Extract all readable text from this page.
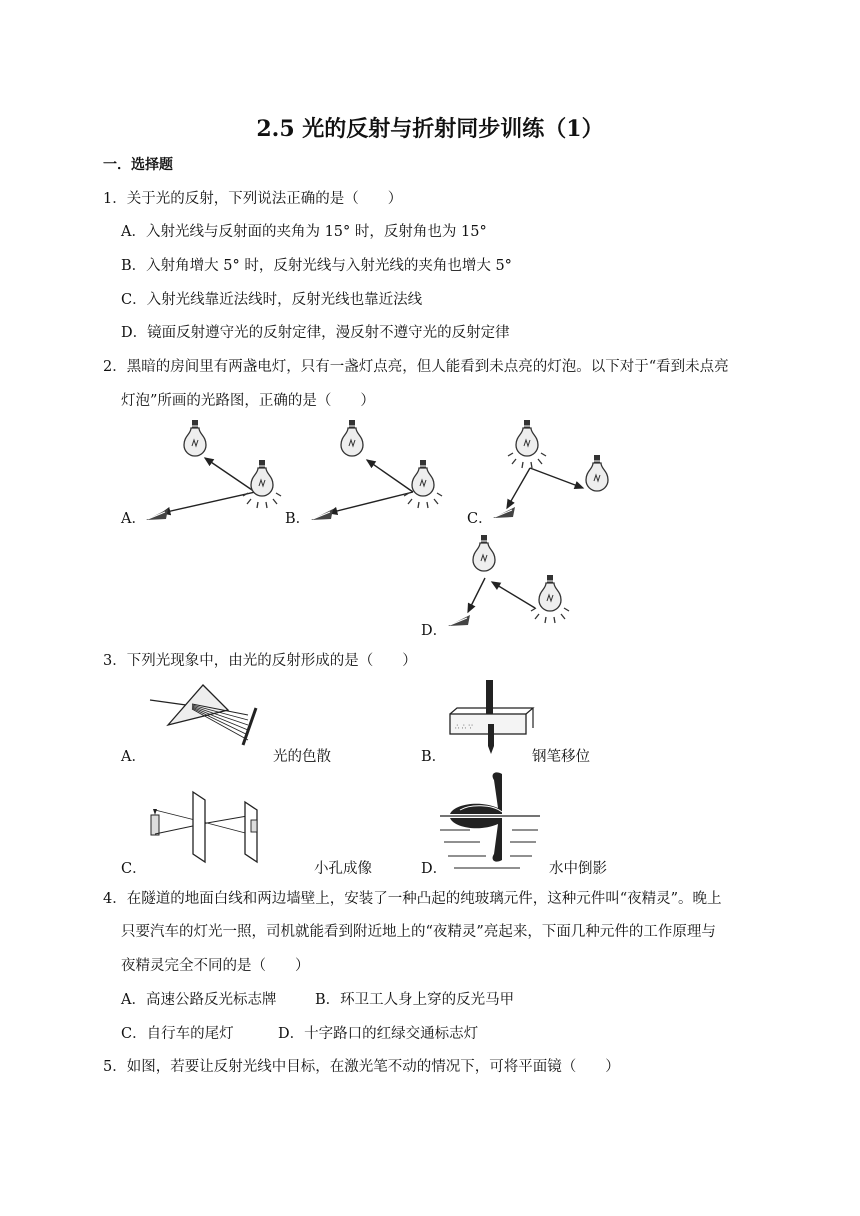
2.5 光的反射与折射同步训练（1）
一．选择题
1．关于光的反射，下列说法正确的是（　　）
A．入射光线与反射面的夹角为 15° 时，反射角也为 15°
B．入射角增大 5° 时，反射光线与入射光线的夹角也增大 5°
C．入射光线靠近法线时，反射光线也靠近法线
D．镜面反射遵守光的反射定律，漫反射不遵守光的反射定律
2．黑暗的房间里有两盏电灯，只有一盏灯点亮，但人能看到未点亮的灯泡。以下对于“看到未点亮
灯泡”所画的光路图，正确的是（　　）
A．	B．	C．
D．
3．下列光现象中，由光的反射形成的是（　　）
A．	光的色散
∴ ∴ ∵
B．	钢笔移位
C．	小孔成像	D．	水中倒影
4．在隧道的地面白线和两边墙壁上，安装了一种凸起的纯玻璃元件，这种元件叫“夜精灵”。晚上
只要汽车的灯光一照，司机就能看到附近地上的“夜精灵”亮起来，下面几种元件的工作原理与
夜精灵完全不同的是（　　）
A．高速公路反光标志牌	B．环卫工人身上穿的反光马甲
C．自行车的尾灯	D．十字路口的红绿交通标志灯
5．如图，若要让反射光线中目标，在激光笔不动的情况下，可将平面镜（　　）
